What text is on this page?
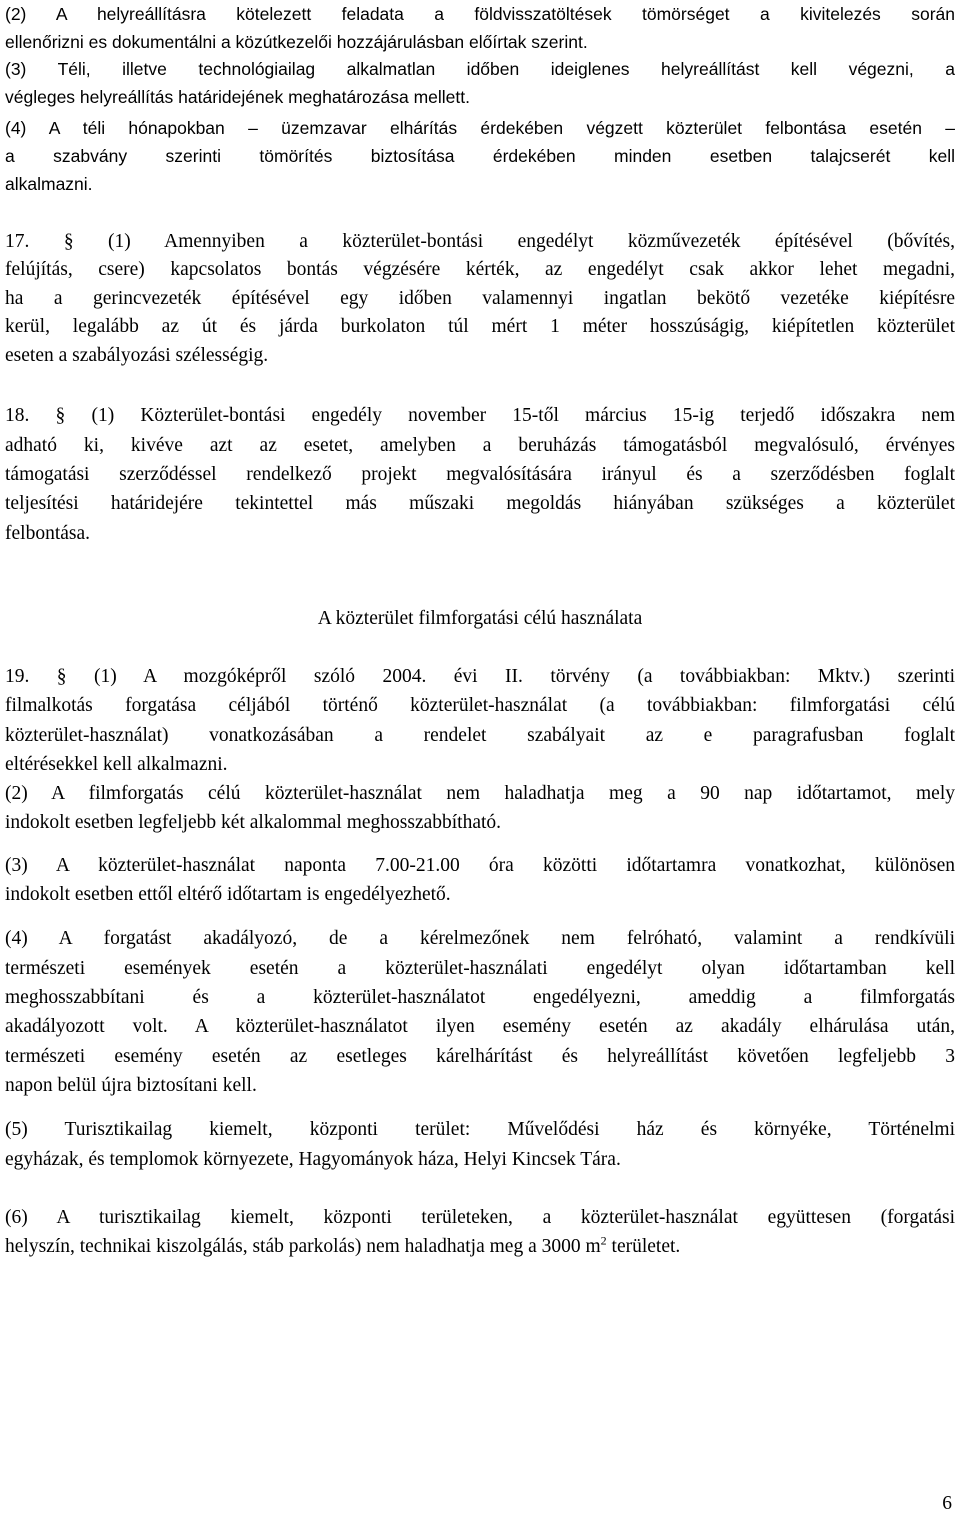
(2) A helyreállításra kötelezett feladata a földvisszatöltések tömörséget a kivitelezés során
ellenőrizni es dokumentálni a közútkezelői hozzájárulásban előírtak szerint.
(3) Téli, illetve technológiailag alkalmatlan időben ideiglenes helyreállítást kell végezni, a
végleges helyreállítás határidejének meghatározása mellett.
(4) A téli hónapokban – üzemzavar elhárítás érdekében végzett közterület felbontása esetén –
a szabvány szerinti tömörítés biztosítása érdekében minden esetben talajcserét kell
alkalmazni.
17. § (1) Amennyiben a közterület-bontási engedélyt közművezeték építésével (bővítés,
felújítás, csere) kapcsolatos bontás végzésére kérték, az engedélyt csak akkor lehet megadni,
ha a gerincvezeték építésével egy időben valamennyi ingatlan bekötő vezetéke kiépítésre
kerül, legalább az út és járda burkolaton túl mért 1 méter hosszúságig, kiépítetlen közterület
eseten a szabályozási szélességig.
18. § (1) Közterület-bontási engedély november 15-től március 15-ig terjedő időszakra nem
adható ki, kivéve azt az esetet, amelyben a beruházás támogatásból megvalósuló, érvényes
támogatási szerződéssel rendelkező projekt megvalósítására irányul és a szerződésben foglalt
teljesítési határidejére tekintettel más műszaki megoldás hiányában szükséges a közterület
felbontása.
A közterület filmforgatási célú használata
19. § (1) A mozgóképről szóló 2004. évi II. törvény (a továbbiakban: Mktv.) szerinti
filmalkotás forgatása céljából történő közterület-használat (a továbbiakban: filmforgatási célú
közterület-használat) vonatkozásában a rendelet szabályait az e paragrafusban foglalt
eltérésekkel kell alkalmazni.
(2) A filmforgatás célú közterület-használat nem haladhatja meg a 90 nap időtartamot, mely
indokolt esetben legfeljebb két alkalommal meghosszabbítható.
(3) A közterület-használat naponta 7.00-21.00 óra közötti időtartamra vonatkozhat, különösen
indokolt esetben ettől eltérő időtartam is engedélyezhető.
(4) A forgatást akadályozó, de a kérelmezőnek nem felróható, valamint a rendkívüli
természeti események esetén a közterület-használati engedélyt olyan időtartamban kell
meghosszabbítani és a közterület-használatot engedélyezni, ameddig a filmforgatás
akadályozott volt. A közterület-használatot ilyen esemény esetén az akadály elhárulása után,
természeti esemény esetén az esetleges kárelhárítást és helyreállítást követően legfeljebb 3
napon belül újra biztosítani kell.
(5) Turisztikailag kiemelt, központi terület: Művelődési ház és környéke, Történelmi
egyházak, és templomok környezete, Hagyományok háza, Helyi Kincsek Tára.
(6) A turisztikailag kiemelt, központi területeken, a közterület-használat együttesen (forgatási
helyszín, technikai kiszolgálás, stáb parkolás) nem haladhatja meg a 3000 $m^2$ területet.
6
